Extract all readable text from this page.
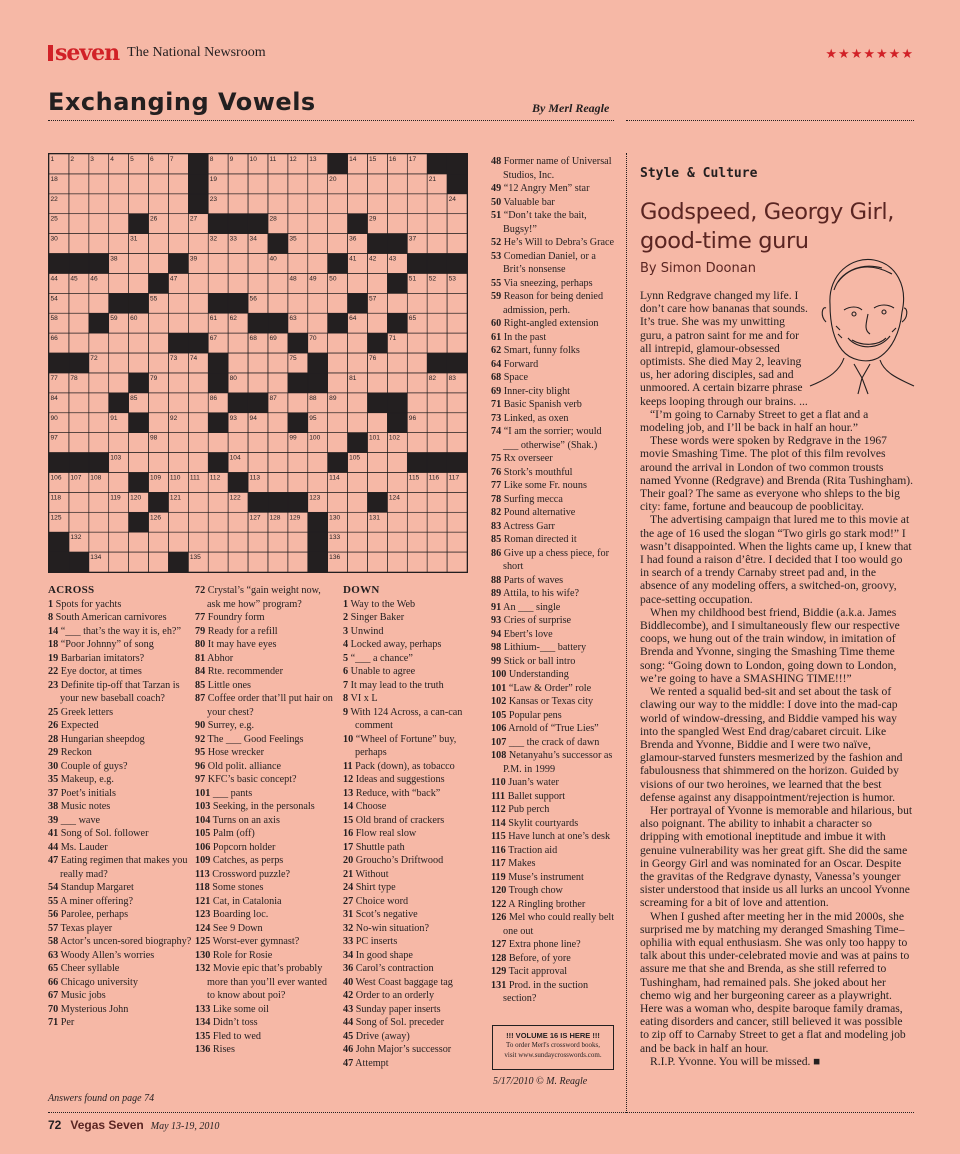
seven The National Newsroom	★★★★★★★
Exchanging Vowels	By Merl Reagle
1 2 3 4 5 6 7	8 9 10 11 12 13	14 15 16 17
18	19	20	21
22	23	24
25	26	27	28	29
30	31	32 33 34	35	36	37
38	39	40	41 42 43
44 45 46	47	48 49 50	51 52 53
54	55	56	57
58	59 60	61 62	63	64	65
66	67	68 69	70	71
72	73 74	75	76
77 78	79	80	81	82 83
84	85	86	87	88 89
90	91	92	93 94	95	96
97	98	99 100	101 102
103	104	105
106 107 108	109 110 111 112	113	114	115 116 117
118	119 120	121	122	123	124
125	126	127 128 129	130	131
132	133
134	135	136
ACROSS
1 Spots for yachts
8 South American carnivores
14 “___ that’s the way it is, eh?”
18 “Poor Johnny” of song
19 Barbarian imitators?
22 Eye doctor, at times
23 Definite tip-off that Tarzan is your new baseball coach?
25 Greek letters
26 Expected
28 Hungarian sheepdog
29 Reckon
30 Couple of guys?
35 Makeup, e.g.
37 Poet’s initials
38 Music notes
39 ___ wave
41 Song of Sol. follower
44 Ms. Lauder
47 Eating regimen that makes you really mad?
54 Standup Margaret
55 A miner offering?
56 Parolee, perhaps
57 Texas player
58 Actor’s uncen-sored biography?
63 Woody Allen’s worries
65 Cheer syllable
66 Chicago university
67 Music jobs
70 Mysterious John
71 Per
72 Crystal’s “gain weight now, ask me how” program?
77 Foundry form
79 Ready for a refill
80 It may have eyes
81 Abhor
84 Rte. recommender
85 Little ones
87 Coffee order that’ll put hair on your chest?
90 Surrey, e.g.
92 The ___ Good Feelings
95 Hose wrecker
96 Old polit. alliance
97 KFC’s basic concept?
101 ___ pants
103 Seeking, in the personals
104 Turns on an axis
105 Palm (off)
106 Popcorn holder
109 Catches, as perps
113 Crossword puzzle?
118 Some stones
121 Cat, in Catalonia
123 Boarding loc.
124 See 9 Down
125 Worst-ever gymnast?
130 Role for Rosie
132 Movie epic that’s probably more than you’ll ever wanted to know about poi?
133 Like some oil
134 Didn’t toss
135 Fled to wed
136 Rises
DOWN
1 Way to the Web
2 Singer Baker
3 Unwind
4 Locked away, perhaps
5 “___ a chance”
6 Unable to agree
7 It may lead to the truth
8 VI x L
9 With 124 Across, a can-can comment
10 “Wheel of Fortune” buy, perhaps
11 Pack (down), as tobacco
12 Ideas and suggestions
13 Reduce, with “back”
14 Choose
15 Old brand of crackers
16 Flow real slow
17 Shuttle path
20 Groucho’s Driftwood
21 Without
24 Shirt type
27 Choice word
31 Scot’s negative
32 No-win situation?
33 PC inserts
34 In good shape
36 Carol’s contraction
40 West Coast baggage tag
42 Order to an orderly
43 Sunday paper inserts
44 Song of Sol. preceder
45 Drive (away)
46 John Major’s successor
47 Attempt
48 Former name of Universal Studios, Inc.
49 “12 Angry Men” star
50 Valuable bar
51 “Don’t take the bait, Bugsy!”
52 He’s Will to Debra’s Grace
53 Comedian Daniel, or a Brit’s nonsense
55 Via sneezing, perhaps
59 Reason for being denied admission, perh.
60 Right-angled extension
61 In the past
62 Smart, funny folks
64 Forward
68 Space
69 Inner-city blight
71 Basic Spanish verb
73 Linked, as oxen
74 “I am the sorrier; would ___ otherwise” (Shak.)
75 Rx overseer
76 Stork’s mouthful
77 Like some Fr. nouns
78 Surfing mecca
82 Pound alternative
83 Actress Garr
85 Roman directed it
86 Give up a chess piece, for short
88 Parts of waves
89 Attila, to his wife?
91 An ___ single
93 Cries of surprise
94 Ebert’s love
98 Lithium-___ battery
99 Stick or ball intro
100 Understanding
101 “Law & Order” role
102 Kansas or Texas city
105 Popular pens
106 Arnold of “True Lies”
107 ___ the crack of dawn
108 Netanyahu’s successor as P.M. in 1999
110 Juan’s water
111 Ballet support
112 Pub perch
114 Skylit courtyards
115 Have lunch at one’s desk
116 Traction aid
117 Makes
119 Muse’s instrument
120 Trough chow
122 A Ringling brother
126 Mel who could really belt one out
127 Extra phone line?
128 Before, of yore
129 Tacit approval
131 Prod. in the suction section?
!!! VOLUME 16 IS HERE !!!
To order Merl's crossword books,
visit www.sundaycrosswords.com.
5/17/2010 © M. Reagle
Answers found on page 74
Style & Culture
Godspeed, Georgy Girl, good-time guru
By Simon Doonan

Lynn Redgrave changed my life. I don’t care how bananas that sounds. It’s true. She was my unwitting guru, a patron saint for me and for all intrepid, glamour-obsessed optimists. She died May 2, leaving us, her adoring disciples, sad and unmoored. A certain bizarre phrase keeps looping through our brains. ...

“I’m going to Carnaby Street to get a flat and a modeling job, and I’ll be back in half an hour.”

These words were spoken by Redgrave in the 1967 movie Smashing Time. The plot of this film revolves around the arrival in London of two common trousts named Yvonne (Redgrave) and Brenda (Rita Tushingham). Their goal? The same as everyone who shleps to the big city: fame, fortune and beaucoup de pooblicitay.

The advertising campaign that lured me to this movie at the age of 16 used the slogan “Two girls go stark mod!” I wasn’t disappointed. When the lights came up, I knew that I had found a raison d’être. I decided that I too would go in search of a trendy Carnaby street pad and, in the absence of any modeling offers, a switched-on, groovy, pace-setting occupation.

When my childhood best friend, Biddie (a.k.a. James Biddlecombe), and I simultaneously flew our respective coops, we hung out of the train window, in imitation of Brenda and Yvonne, singing the Smashing Time theme song: “Going down to London, going down to London, we’re going to have a SMASHING TIME!!!”

We rented a squalid bed-sit and set about the task of clawing our way to the middle: I dove into the mad-cap world of window-dressing, and Biddie vamped his way into the spangled West End drag/cabaret circuit. Like Brenda and Yvonne, Biddie and I were two naïve, glamour-starved funsters mesmerized by the fashion and fabulousness that shimmered on the horizon. Guided by visions of our two heroines, we learned that the best defense against any disappointment/rejection is humor.

Her portrayal of Yvonne is memorable and hilarious, but also poignant. The ability to inhabit a character so dripping with emotional ineptitude and imbue it with genuine vulnerability was her great gift. She did the same in Georgy Girl and was nominated for an Oscar. Despite the gravitas of the Redgrave dynasty, Vanessa’s younger sister understood that inside us all lurks an uncool Yvonne screaming for a bit of love and attention.

When I gushed after meeting her in the mid 2000s, she surprised me by matching my deranged Smashing Time–ophilia with equal enthusiasm. She was only too happy to talk about this under-celebrated movie and was at pains to assure me that she and Brenda, as she still referred to Tushingham, had remained pals. She joked about her chemo wig and her burgeoning career as a playwright. Here was a woman who, despite baroque family dramas, eating disorders and cancer, still believed it was possible to zip off to Carnaby Street to get a flat and modeling job and be back in half an hour.

R.I.P. Yvonne. You will be missed. ■

72 Vegas Seven May 13-19, 2010
